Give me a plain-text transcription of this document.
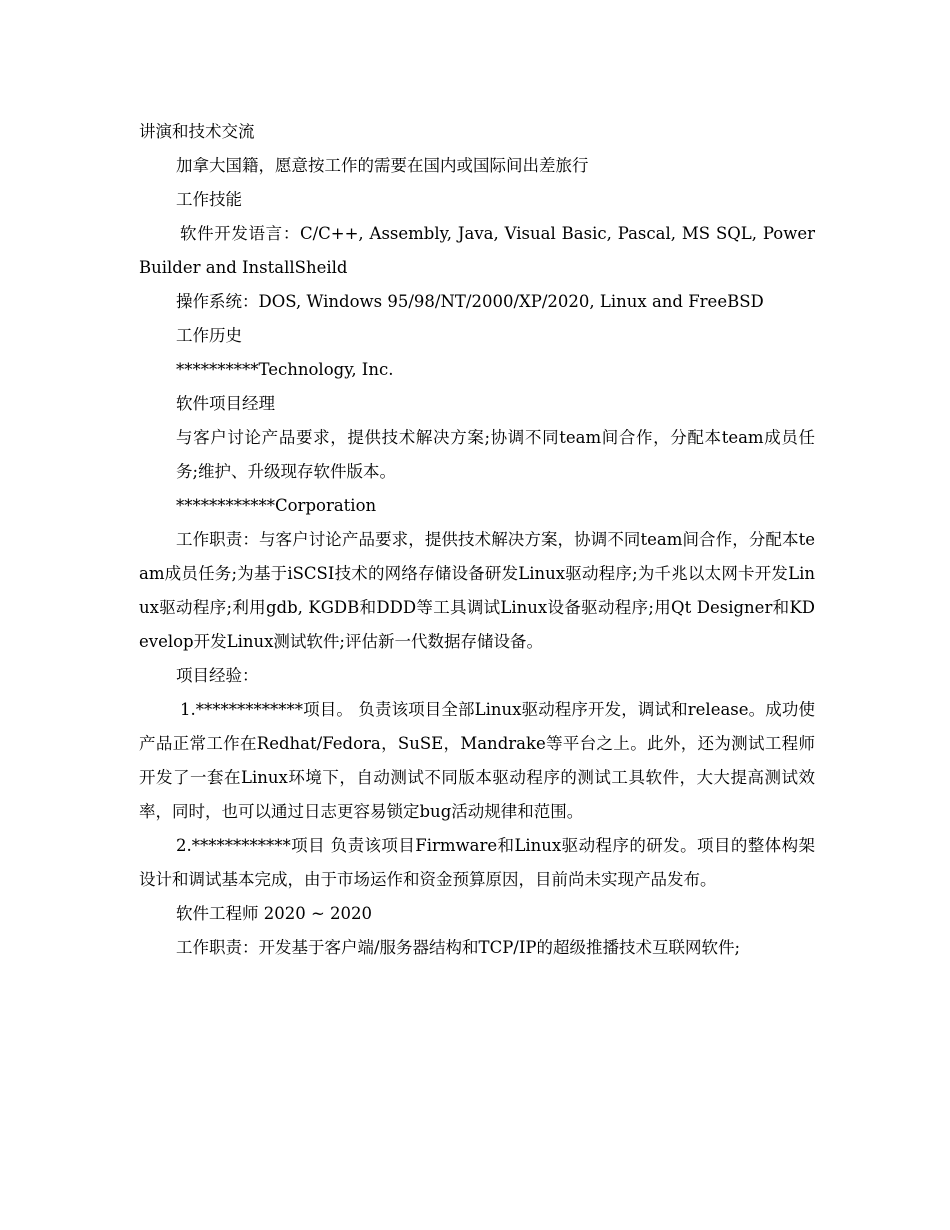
讲演和技术交流

加拿大国籍，愿意按工作的需要在国内或国际间出差旅行

工作技能

软件开发语言：C/C++, Assembly, Java, Visual Basic, Pascal, MS SQL, PowerBuilder and InstallSheild

操作系统：DOS, Windows 95/98/NT/2000/XP/2020, Linux and FreeBSD

工作历史

**********Technology, Inc.

软件项目经理

与客户讨论产品要求，提供技术解决方案;协调不同team间合作，分配本team成员任务;维护、升级现存软件版本。

************Corporation

工作职责：与客户讨论产品要求，提供技术解决方案，协调不同team间合作，分配本team成员任务;为基于iSCSI技术的网络存储设备研发Linux驱动程序;为千兆以太网卡开发Linux驱动程序;利用gdb, KGDB和DDD等工具调试Linux设备驱动程序;用Qt Designer和KDevelop开发Linux测试软件;评估新一代数据存储设备。

项目经验：

1.*************项目。 负责该项目全部Linux驱动程序开发，调试和release。成功使产品正常工作在Redhat/Fedora，SuSE，Mandrake等平台之上。此外，还为测试工程师开发了一套在Linux环境下，自动测试不同版本驱动程序的测试工具软件，大大提高测试效率，同时，也可以通过日志更容易锁定bug活动规律和范围。

2.************项目 负责该项目Firmware和Linux驱动程序的研发。项目的整体构架设计和调试基本完成，由于市场运作和资金预算原因，目前尚未实现产品发布。

软件工程师 2020 ~ 2020

工作职责：开发基于客户端/服务器结构和TCP/IP的超级推播技术互联网软件;
